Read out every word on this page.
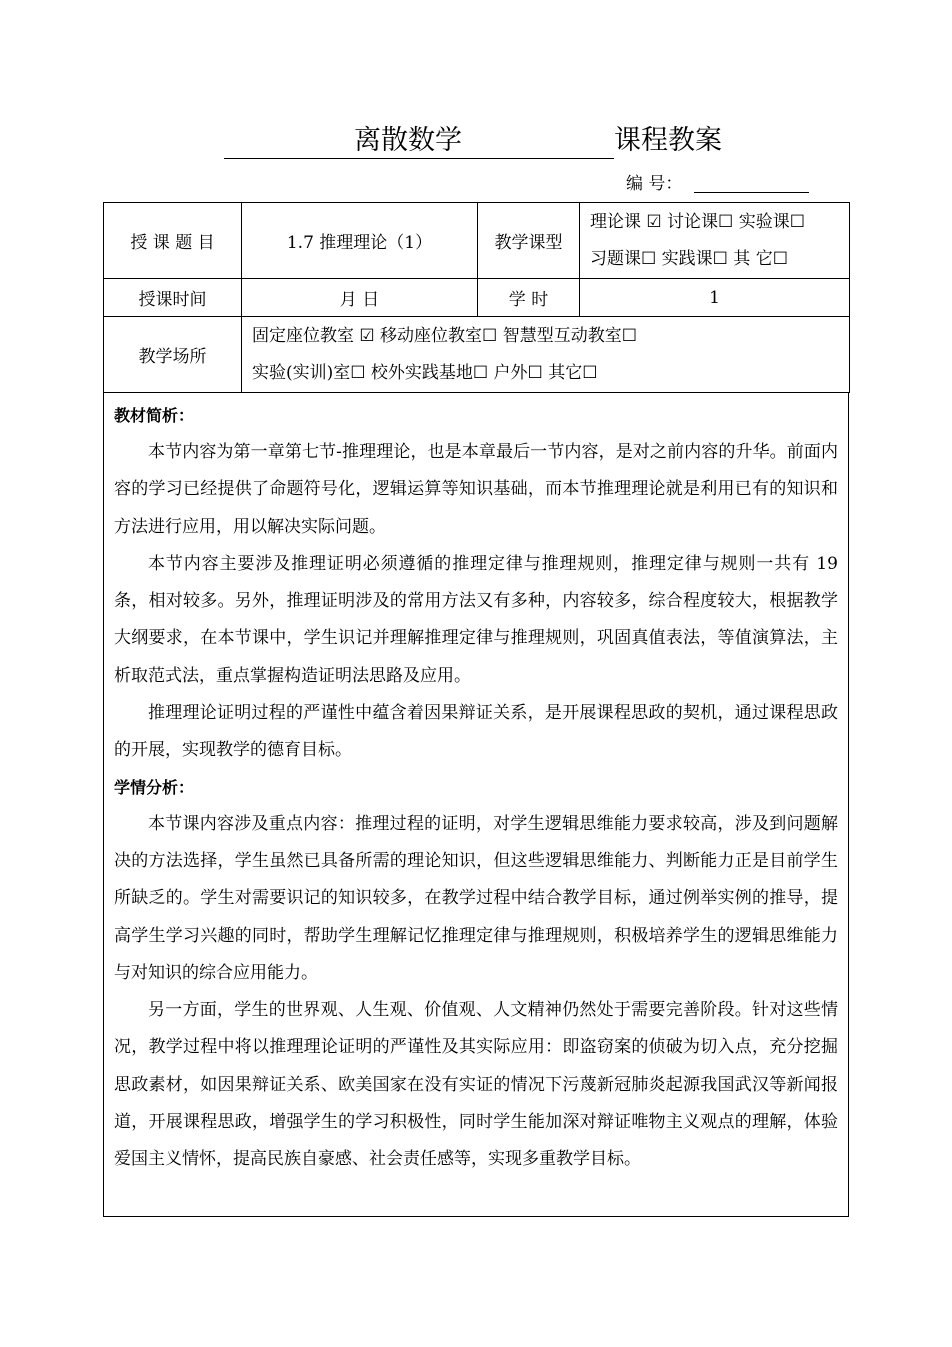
离散数学	课程教案
编 号：
授 课 题 目	1.7 推理理论（1）	教学课型	理论课 ☑ 讨论课☐ 实验课☐
习题课☐ 实践课☐ 其 它☐

授课时间	月 日	学 时	1
教学场所	固定座位教室 ☑ 移动座位教室☐ 智慧型互动教室☐
实验(实训)室☐ 校外实践基地☐ 户外☐ 其它☐		
教材简析：

本节内容为第一章第七节-推理理论，也是本章最后一节内容，是对之前内容的升华。前面内容的学习已经提供了命题符号化，逻辑运算等知识基础，而本节推理理论就是利用已有的知识和方法进行应用，用以解决实际问题。

本节内容主要涉及推理证明必须遵循的推理定律与推理规则，推理定律与规则一共有 19 条，相对较多。另外，推理证明涉及的常用方法又有多种，内容较多，综合程度较大，根据教学大纲要求，在本节课中，学生识记并理解推理定律与推理规则，巩固真值表法，等值演算法，主析取范式法，重点掌握构造证明法思路及应用。

推理理论证明过程的严谨性中蕴含着因果辩证关系，是开展课程思政的契机，通过课程思政的开展，实现教学的德育目标。

学情分析：

本节课内容涉及重点内容：推理过程的证明，对学生逻辑思维能力要求较高，涉及到问题解决的方法选择，学生虽然已具备所需的理论知识，但这些逻辑思维能力、判断能力正是目前学生所缺乏的。学生对需要识记的知识较多，在教学过程中结合教学目标，通过例举实例的推导，提高学生学习兴趣的同时，帮助学生理解记忆推理定律与推理规则，积极培养学生的逻辑思维能力与对知识的综合应用能力。

另一方面，学生的世界观、人生观、价值观、人文精神仍然处于需要完善阶段。针对这些情况，教学过程中将以推理理论证明的严谨性及其实际应用：即盗窃案的侦破为切入点，充分挖掘思政素材，如因果辩证关系、欧美国家在没有实证的情况下污蔑新冠肺炎起源我国武汉等新闻报道，开展课程思政，增强学生的学习积极性，同时学生能加深对辩证唯物主义观点的理解，体验爱国主义情怀，提高民族自豪感、社会责任感等，实现多重教学目标。
